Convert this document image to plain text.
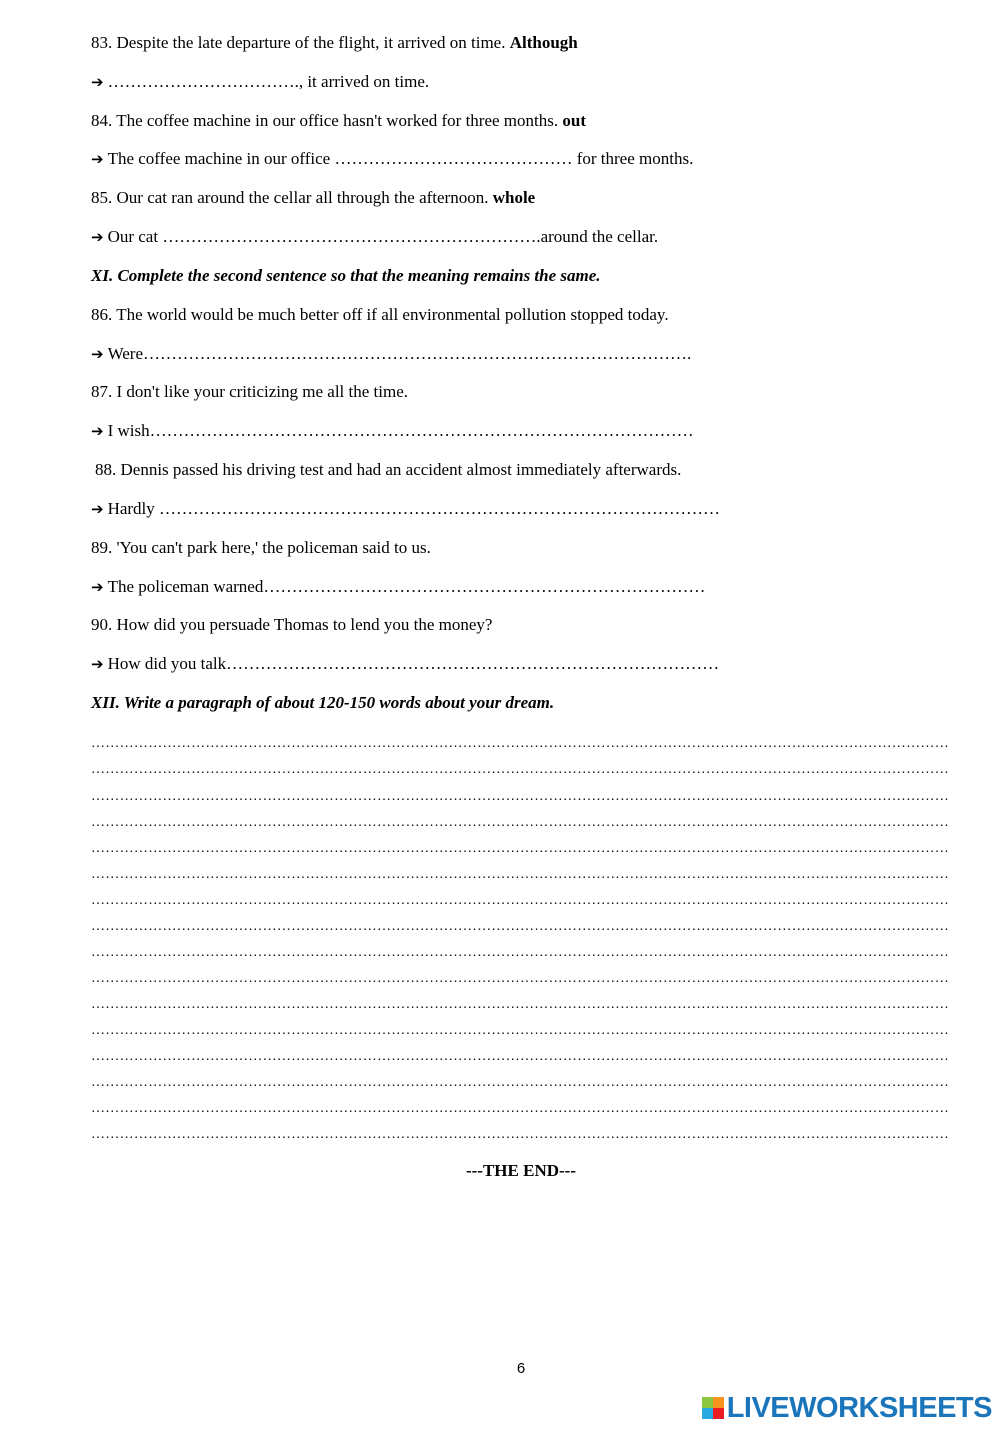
83. Despite the late departure of the flight, it arrived on time. Although
➔ ……………………………., it arrived on time.
84. The coffee machine in our office hasn't worked for three months. out
➔ The coffee machine in our office …………………………………… for three months.
85. Our cat ran around the cellar all through the afternoon. whole
➔ Our cat ………………………………………………………….around the cellar.
XI. Complete the second sentence so that the meaning remains the same.
86. The world would be much better off if all environmental pollution stopped today.
➔ Were…………………………………………………………………………………….
87. I don't like your criticizing me all the time.
➔ I wish……………………………………………………………………………………
88. Dennis passed his driving test and had an accident almost immediately afterwards.
➔ Hardly ………………………………………………………………………………………
89. 'You can't park here,' the policeman said to us.
➔ The policeman warned……………………………………………………………………
90. How did you persuade Thomas to lend you the money?
➔ How did you talk……………………………………………………………………………
XII. Write a paragraph of about 120-150 words about your dream.
………………………………………………………………………………………………………………………………………………………………
………………………………………………………………………………………………………………………………………………………………
………………………………………………………………………………………………………………………………………………………………
………………………………………………………………………………………………………………………………………………………………
………………………………………………………………………………………………………………………………………………………………
………………………………………………………………………………………………………………………………………………………………
………………………………………………………………………………………………………………………………………………………………
………………………………………………………………………………………………………………………………………………………………
………………………………………………………………………………………………………………………………………………………………
………………………………………………………………………………………………………………………………………………………………
………………………………………………………………………………………………………………………………………………………………
………………………………………………………………………………………………………………………………………………………………
………………………………………………………………………………………………………………………………………………………………
………………………………………………………………………………………………………………………………………………………………
………………………………………………………………………………………………………………………………………………………………
………………………………………………………………………………………………………………………………………………………………
---THE END---
6
LIVEWORKSHEETS
